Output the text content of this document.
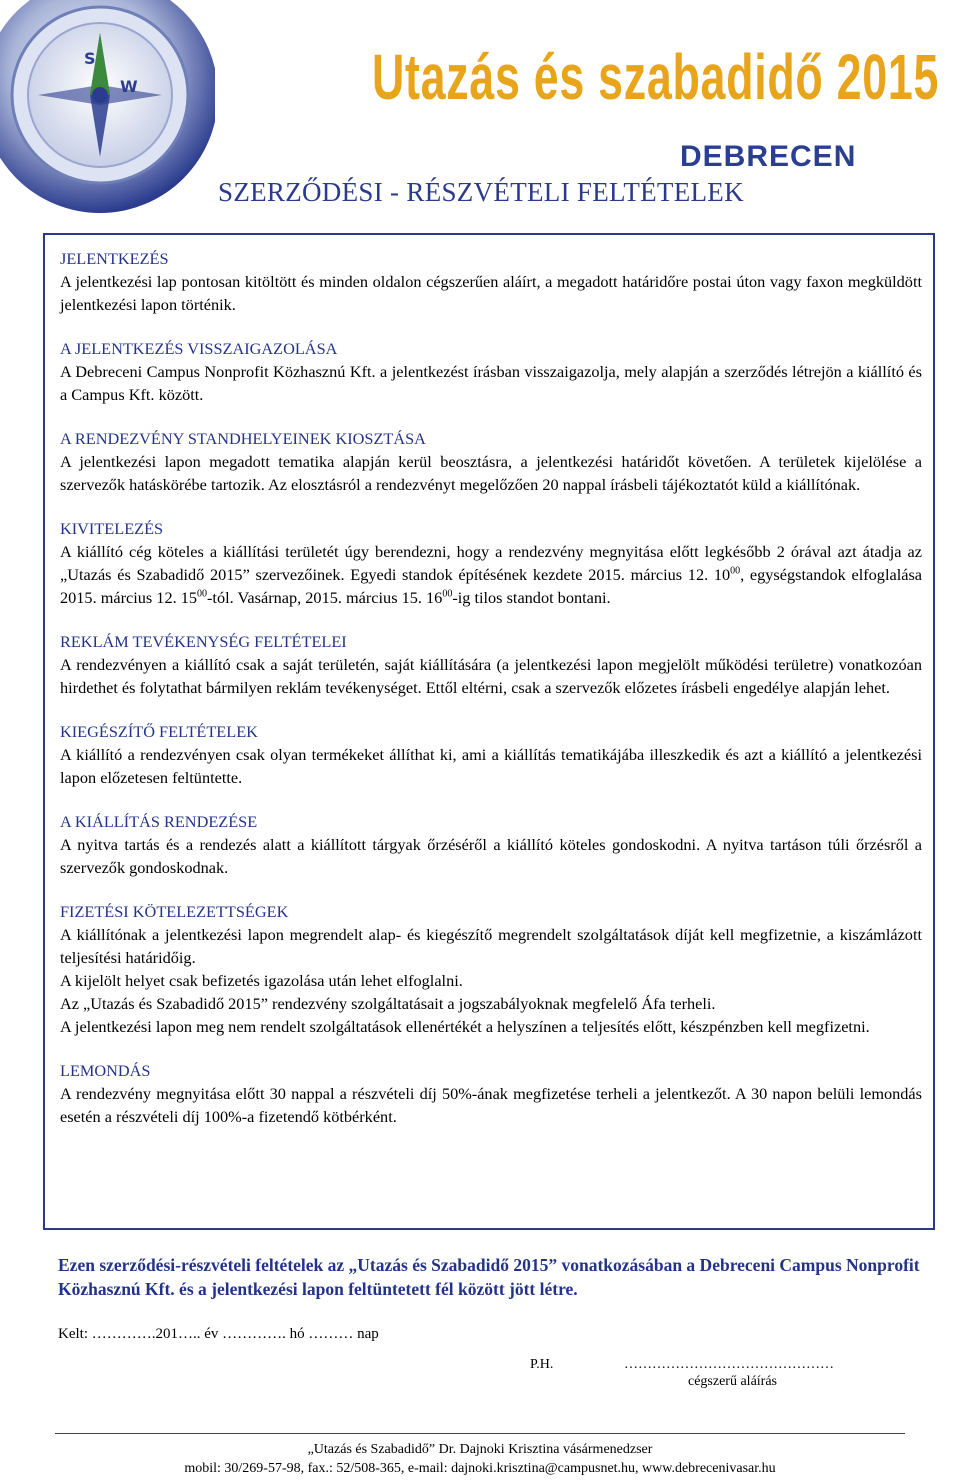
S
W	Utazás és szabadidő 2015
DEBRECEN
SZERZŐDÉSI - RÉSZVÉTELI FELTÉTELEK
JELENTKEZÉS

A jelentkezési lap pontosan kitöltött és minden oldalon cégszerűen aláírt, a megadott határidőre postai úton vagy faxon megküldött jelentkezési lapon történik.

A JELENTKEZÉS VISSZAIGAZOLÁSA

A Debreceni Campus Nonprofit Közhasznú Kft. a jelentkezést írásban visszaigazolja, mely alapján a szerződés létrejön a kiállító és a Campus Kft. között.

A RENDEZVÉNY STANDHELYEINEK KIOSZTÁSA

A jelentkezési lapon megadott tematika alapján kerül beosztásra, a jelentkezési határidőt követően. A területek kijelölése a szervezők hatáskörébe tartozik. Az elosztásról a rendezvényt megelőzően 20 nappal írásbeli tájékoztatót küld a kiállítónak.

KIVITELEZÉS

A kiállító cég köteles a kiállítási területét úgy berendezni, hogy a rendezvény megnyitása előtt legkésőbb 2 órával azt átadja az „Utazás és Szabadidő 2015” szervezőinek. Egyedi standok építésének kezdete 2015. március 12. $10^{00}$, egységstandok elfoglalása 2015. március 12. $15^{00}$-tól. Vasárnap, 2015. március 15. $16^{00}-ig$ tilos standot bontani.

REKLÁM TEVÉKENYSÉG FELTÉTELEI

A rendezvényen a kiállító csak a saját területén, saját kiállítására (a jelentkezési lapon megjelölt működési területre) vonatkozóan hirdethet és folytathat bármilyen reklám tevékenységet. Ettől eltérni, csak a szervezők előzetes írásbeli engedélye alapján lehet.

KIEGÉSZÍTŐ FELTÉTELEK

A kiállító a rendezvényen csak olyan termékeket állíthat ki, ami a kiállítás tematikájába illeszkedik és azt a kiállító a jelentkezési lapon előzetesen feltüntette.

A KIÁLLÍTÁS RENDEZÉSE

A nyitva tartás és a rendezés alatt a kiállított tárgyak őrzéséről a kiállító köteles gondoskodni. A nyitva tartáson túli őrzésről a szervezők gondoskodnak.

FIZETÉSI KÖTELEZETTSÉGEK

A kiállítónak a jelentkezési lapon megrendelt alap- és kiegészítő megrendelt szolgáltatások díját kell megfizetnie, a kiszámlázott teljesítési határidőig.

A kijelölt helyet csak befizetés igazolása után lehet elfoglalni.

Az „Utazás és Szabadidő 2015” rendezvény szolgáltatásait a jogszabályoknak megfelelő Áfa terheli.

A jelentkezési lapon meg nem rendelt szolgáltatások ellenértékét a helyszínen a teljesítés előtt, készpénzben kell megfizetni.

LEMONDÁS

A rendezvény megnyitása előtt 30 nappal a részvételi díj 50%-ának megfizetése terheli a jelentkezőt. A 30 napon belüli lemondás esetén a részvételi díj 100%-a fizetendő kötbérként.

Ezen szerződési-részvételi feltételek az „Utazás és Szabadidő 2015” vonatkozásában a Debreceni Campus Nonprofit Közhasznú Kft. és a jelentkezési lapon feltüntetett fél között jött létre.
Kelt: ………….201….. év …………. hó ……… nap
P.H.	………………………………………
cégszerű aláírás
„Utazás és Szabadidő” Dr. Dajnoki Krisztina vásármenedzser
mobil: 30/269-57-98, fax.: 52/508-365, e-mail: dajnoki.krisztina@campusnet.hu, www.debrecenivasar.hu
